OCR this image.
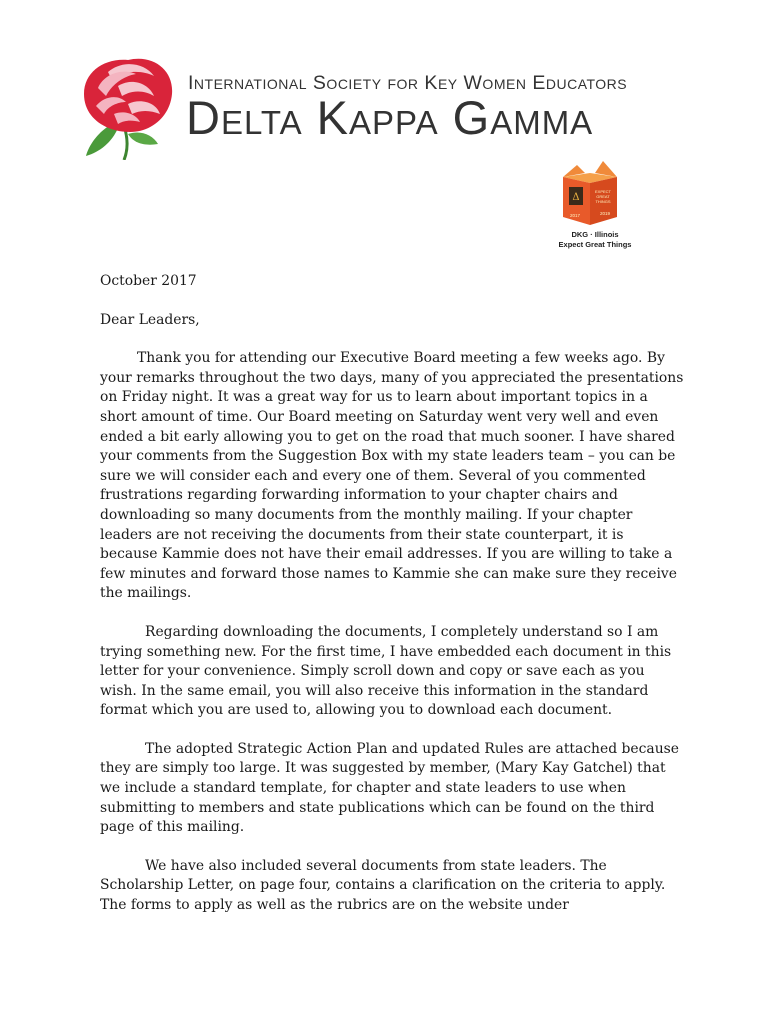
International Society for Key Women Educators
Delta Kappa Gamma
Δ
EXPECT
GREAT
THINGS
2017	2019
DKG · Illinois
Expect Great Things

October 2017

Dear Leaders,

Thank you for attending our Executive Board meeting a few weeks ago. By your remarks throughout the two days, many of you appreciated the presentations on Friday night. It was a great way for us to learn about important topics in a short amount of time. Our Board meeting on Saturday went very well and even ended a bit early allowing you to get on the road that much sooner. I have shared your comments from the Suggestion Box with my state leaders team – you can be sure we will consider each and every one of them. Several of you commented frustrations regarding forwarding information to your chapter chairs and downloading so many documents from the monthly mailing. If your chapter leaders are not receiving the documents from their state counterpart, it is because Kammie does not have their email addresses. If you are willing to take a few minutes and forward those names to Kammie she can make sure they receive the mailings.

Regarding downloading the documents, I completely understand so I am trying something new. For the first time, I have embedded each document in this letter for your convenience. Simply scroll down and copy or save each as you wish. In the same email, you will also receive this information in the standard format which you are used to, allowing you to download each document.

The adopted Strategic Action Plan and updated Rules are attached because they are simply too large. It was suggested by member, (Mary Kay Gatchel) that we include a standard template, for chapter and state leaders to use when submitting to members and state publications which can be found on the third page of this mailing.

We have also included several documents from state leaders. The Scholarship Letter, on page four, contains a clarification on the criteria to apply. The forms to apply as well as the rubrics are on the website under
